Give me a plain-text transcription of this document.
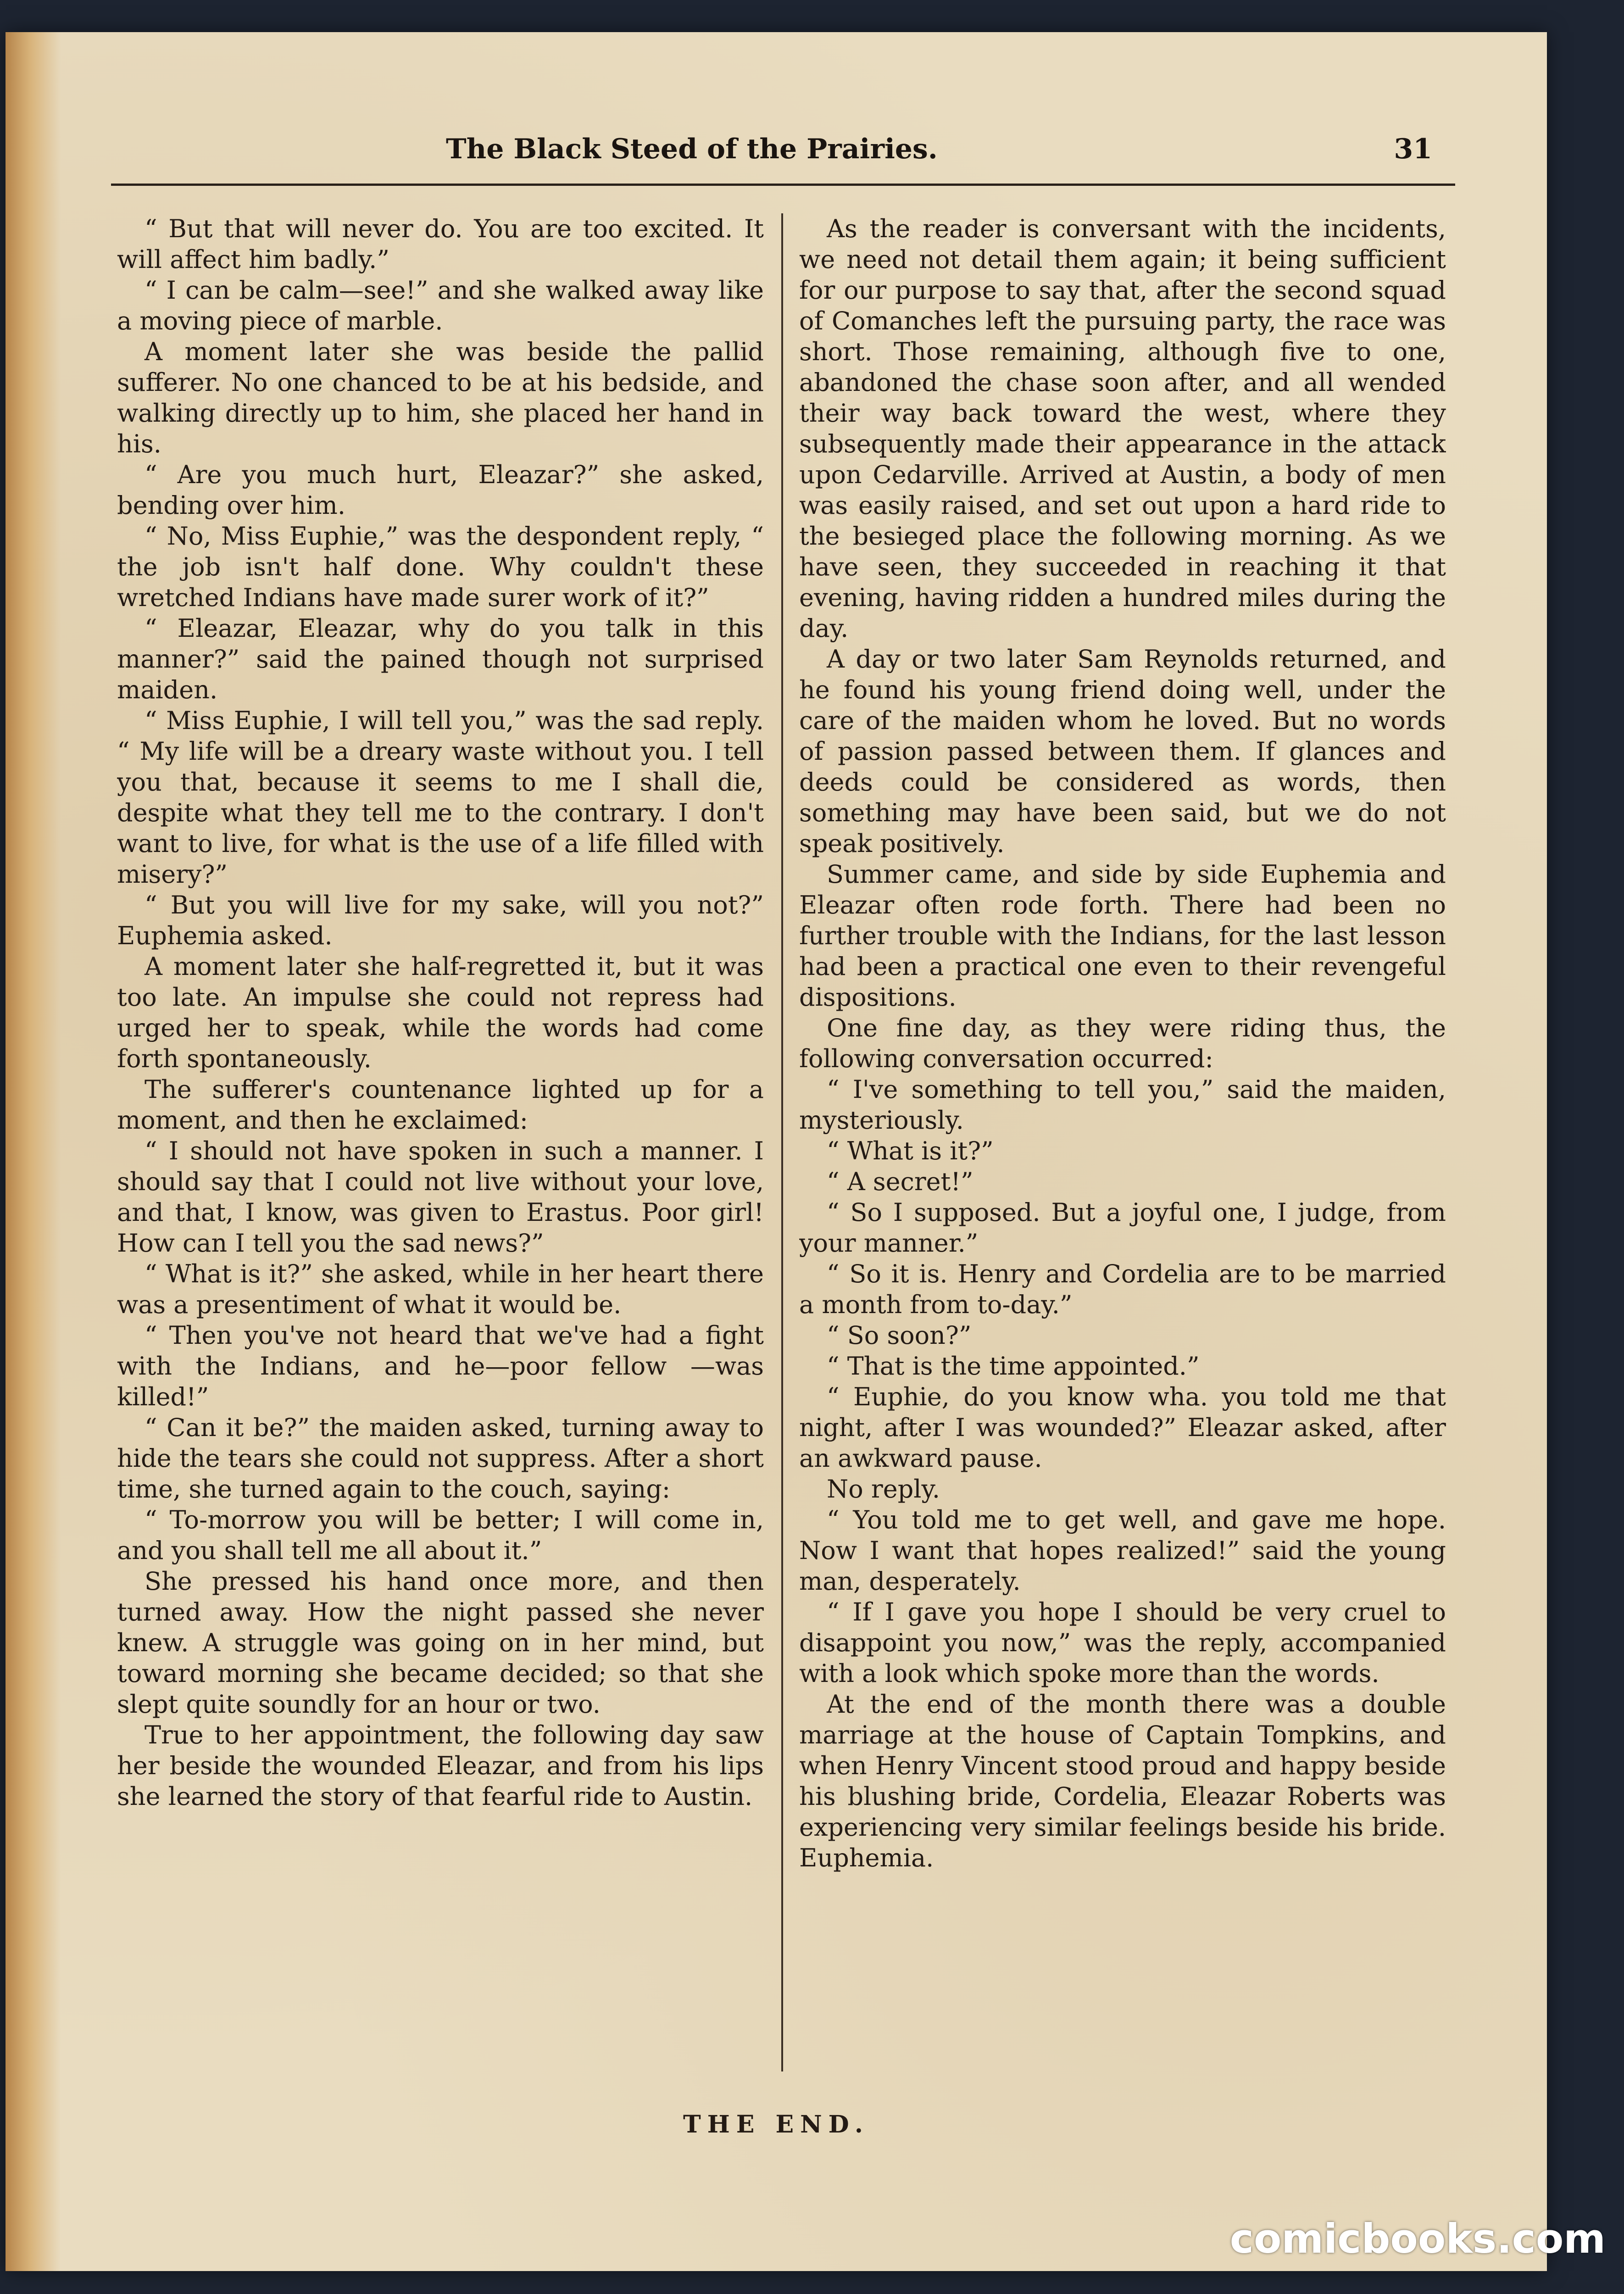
The Black Steed of the Prairies.	31

“ But that will never do. You are too excited. It will affect him badly.”

“ I can be calm—see!” and she walked away like a moving piece of marble.

A moment later she was beside the pallid sufferer. No one chanced to be at his bedside, and walking directly up to him, she placed her hand in his.

“ Are you much hurt, Eleazar?” she asked, bending over him.

“ No, Miss Euphie,” was the despondent reply, “ the job isn't half done. Why couldn't these wretched Indians have made surer work of it?”

“ Eleazar, Eleazar, why do you talk in this manner?” said the pained though not surprised maiden.

“ Miss Euphie, I will tell you,” was the sad reply. “ My life will be a dreary waste without you. I tell you that, because it seems to me I shall die, despite what they tell me to the contrary. I don't want to live, for what is the use of a life filled with misery?”

“ But you will live for my sake, will you not?” Euphemia asked.

A moment later she half-regretted it, but it was too late. An impulse she could not repress had urged her to speak, while the words had come forth spontaneously.

The sufferer's countenance lighted up for a moment, and then he exclaimed:

“ I should not have spoken in such a manner. I should say that I could not live without your love, and that, I know, was given to Erastus. Poor girl! How can I tell you the sad news?”

“ What is it?” she asked, while in her heart there was a presentiment of what it would be.

“ Then you've not heard that we've had a fight with the Indians, and he—poor fellow —was killed!”

“ Can it be?” the maiden asked, turning away to hide the tears she could not suppress. After a short time, she turned again to the couch, saying:

“ To-morrow you will be better; I will come in, and you shall tell me all about it.”

She pressed his hand once more, and then turned away. How the night passed she never knew. A struggle was going on in her mind, but toward morning she became decided; so that she slept quite soundly for an hour or two.

True to her appointment, the following day saw her beside the wounded Eleazar, and from his lips she learned the story of that fearful ride to Austin.

As the reader is conversant with the incidents, we need not detail them again; it being sufficient for our purpose to say that, after the second squad of Comanches left the pursuing party, the race was short. Those remaining, although five to one, abandoned the chase soon after, and all wended their way back toward the west, where they subsequently made their appearance in the attack upon Cedarville. Arrived at Austin, a body of men was easily raised, and set out upon a hard ride to the besieged place the following morning. As we have seen, they succeeded in reaching it that evening, having ridden a hundred miles during the day.

A day or two later Sam Reynolds returned, and he found his young friend doing well, under the care of the maiden whom he loved. But no words of passion passed between them. If glances and deeds could be considered as words, then something may have been said, but we do not speak positively.

Summer came, and side by side Euphemia and Eleazar often rode forth. There had been no further trouble with the Indians, for the last lesson had been a practical one even to their revengeful dispositions.

One fine day, as they were riding thus, the following conversation occurred:

“ I've something to tell you,” said the maiden, mysteriously.

“ What is it?”

“ A secret!”

“ So I supposed. But a joyful one, I judge, from your manner.”

“ So it is. Henry and Cordelia are to be married a month from to-day.”

“ So soon?”

“ That is the time appointed.”

“ Euphie, do you know wha. you told me that night, after I was wounded?” Eleazar asked, after an awkward pause.

No reply.

“ You told me to get well, and gave me hope. Now I want that hopes realized!” said the young man, desperately.

“ If I gave you hope I should be very cruel to disappoint you now,” was the reply, accompanied with a look which spoke more than the words.

At the end of the month there was a double marriage at the house of Captain Tompkins, and when Henry Vincent stood proud and happy beside his blushing bride, Cordelia, Eleazar Roberts was experiencing very similar feelings beside his bride. Euphemia.

THE END.
comicbooks.com
